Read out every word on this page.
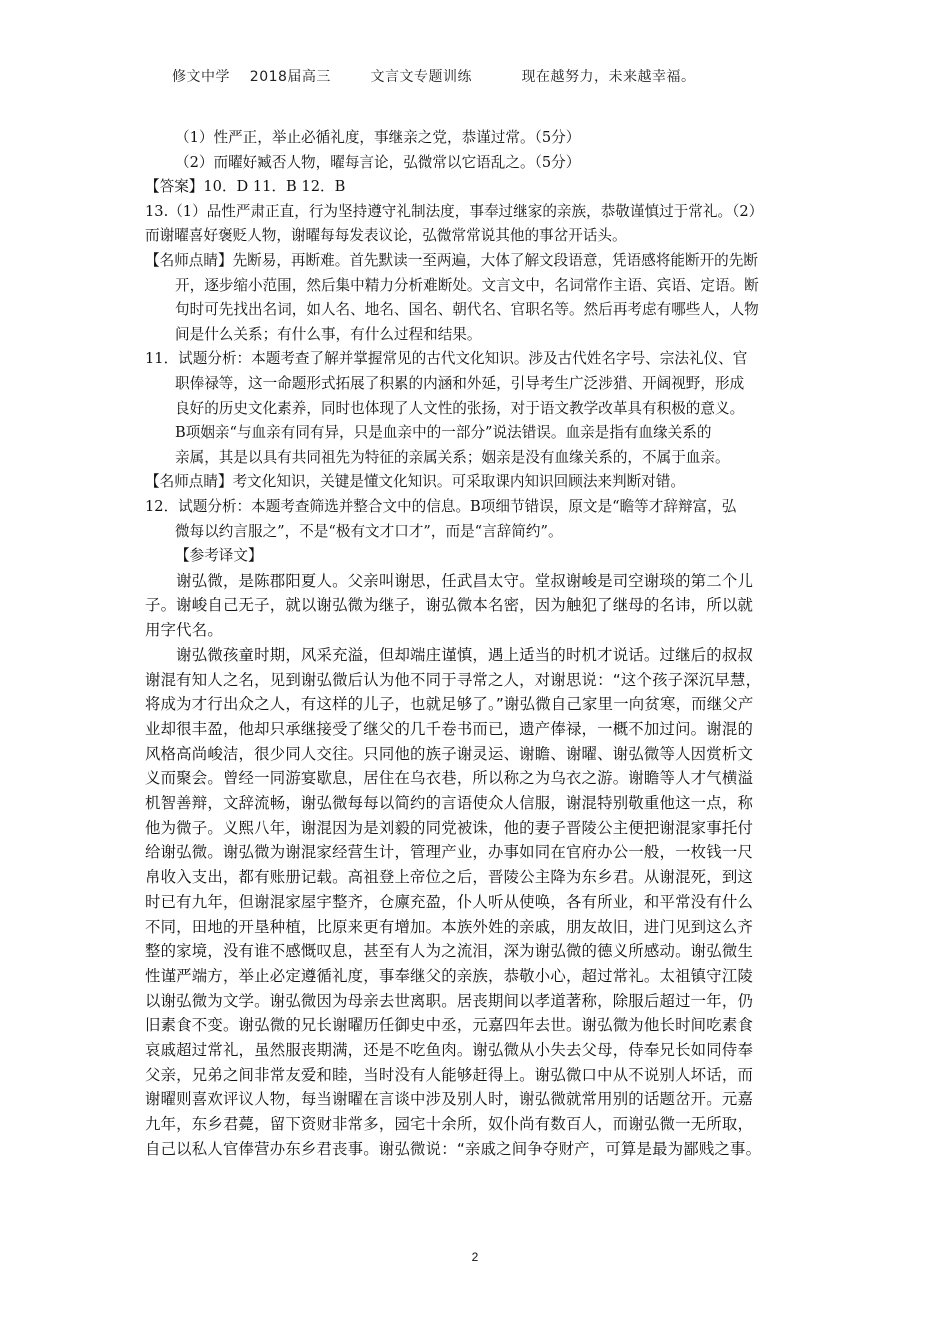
修文中学    2018届高三        文言文专题训练          现在越努力，未来越幸福。
（1）性严正，举止必循礼度，事继亲之党，恭谨过常。（5分）
（2）而曜好臧否人物，曜每言论，弘微常以它语乱之。（5分）
【答案】10．D 11．B 12．B
13.（1）品性严肃正直，行为坚持遵守礼制法度，事奉过继家的亲族，恭敬谨慎过于常礼。（2）
而谢曜喜好褒贬人物，谢曜每每发表议论，弘微常常说其他的事岔开话头。
【名师点睛】先断易，再断难。首先默读一至两遍，大体了解文段语意，凭语感将能断开的先断
开，逐步缩小范围，然后集中精力分析难断处。文言文中，名词常作主语、宾语、定语。断
句时可先找出名词，如人名、地名、国名、朝代名、官职名等。然后再考虑有哪些人，人物
间是什么关系；有什么事，有什么过程和结果。
11．试题分析：本题考查了解并掌握常见的古代文化知识。涉及古代姓名字号、宗法礼仪、官
职俸禄等，这一命题形式拓展了积累的内涵和外延，引导考生广泛涉猎、开阔视野，形成
良好的历史文化素养，同时也体现了人文性的张扬，对于语文教学改革具有积极的意义。
B项姻亲“与血亲有同有异，只是血亲中的一部分”说法错误。血亲是指有血缘关系的
亲属，其是以具有共同祖先为特征的亲属关系；姻亲是没有血缘关系的，不属于血亲。
【名师点睛】考文化知识，关键是懂文化知识。可采取课内知识回顾法来判断对错。
12．试题分析：本题考查筛选并整合文中的信息。B项细节错误，原文是“瞻等才辞辩富，弘
微每以约言服之”，不是“极有文才口才”，而是“言辞简约”。
【参考译文】
　　谢弘微，是陈郡阳夏人。父亲叫谢思，任武昌太守。堂叔谢峻是司空谢琰的第二个儿
子。谢峻自己无子，就以谢弘微为继子，谢弘微本名密，因为触犯了继母的名讳，所以就
用字代名。
　　谢弘微孩童时期，风采充溢，但却端庄谨慎，遇上适当的时机才说话。过继后的叔叔
谢混有知人之名，见到谢弘微后认为他不同于寻常之人，对谢思说：“这个孩子深沉早慧，
将成为才行出众之人，有这样的儿子，也就足够了。”谢弘微自己家里一向贫寒，而继父产
业却很丰盈，他却只承继接受了继父的几千卷书而已，遗产俸禄，一概不加过问。谢混的
风格高尚峻洁，很少同人交往。只同他的族子谢灵运、谢瞻、谢曜、谢弘微等人因赏析文
义而聚会。曾经一同游宴歇息，居住在乌衣巷，所以称之为乌衣之游。谢瞻等人才气横溢
机智善辩，文辞流畅，谢弘微每每以简约的言语使众人信服，谢混特别敬重他这一点，称
他为微子。义熙八年，谢混因为是刘毅的同党被诛，他的妻子晋陵公主便把谢混家事托付
给谢弘微。谢弘微为谢混家经营生计，管理产业，办事如同在官府办公一般，一枚钱一尺
帛收入支出，都有账册记载。高祖登上帝位之后，晋陵公主降为东乡君。从谢混死，到这
时已有九年，但谢混家屋宇整齐，仓廪充盈，仆人听从使唤，各有所业，和平常没有什么
不同，田地的开垦种植，比原来更有增加。本族外姓的亲戚，朋友故旧，进门见到这么齐
整的家境，没有谁不感慨叹息，甚至有人为之流泪，深为谢弘微的德义所感动。谢弘微生
性谨严端方，举止必定遵循礼度，事奉继父的亲族，恭敬小心，超过常礼。太祖镇守江陵
以谢弘微为文学。谢弘微因为母亲去世离职。居丧期间以孝道著称，除服后超过一年，仍
旧素食不变。谢弘微的兄长谢曜历任御史中丞，元嘉四年去世。谢弘微为他长时间吃素食
哀戚超过常礼，虽然服丧期满，还是不吃鱼肉。谢弘微从小失去父母，侍奉兄长如同侍奉
父亲，兄弟之间非常友爱和睦，当时没有人能够赶得上。谢弘微口中从不说别人坏话，而
谢曜则喜欢评议人物，每当谢曜在言谈中涉及别人时，谢弘微就常用别的话题岔开。元嘉
九年，东乡君薨，留下资财非常多，园宅十余所，奴仆尚有数百人，而谢弘微一无所取，
自己以私人官俸营办东乡君丧事。谢弘微说：“亲戚之间争夺财产，可算是最为鄙贱之事。
2
